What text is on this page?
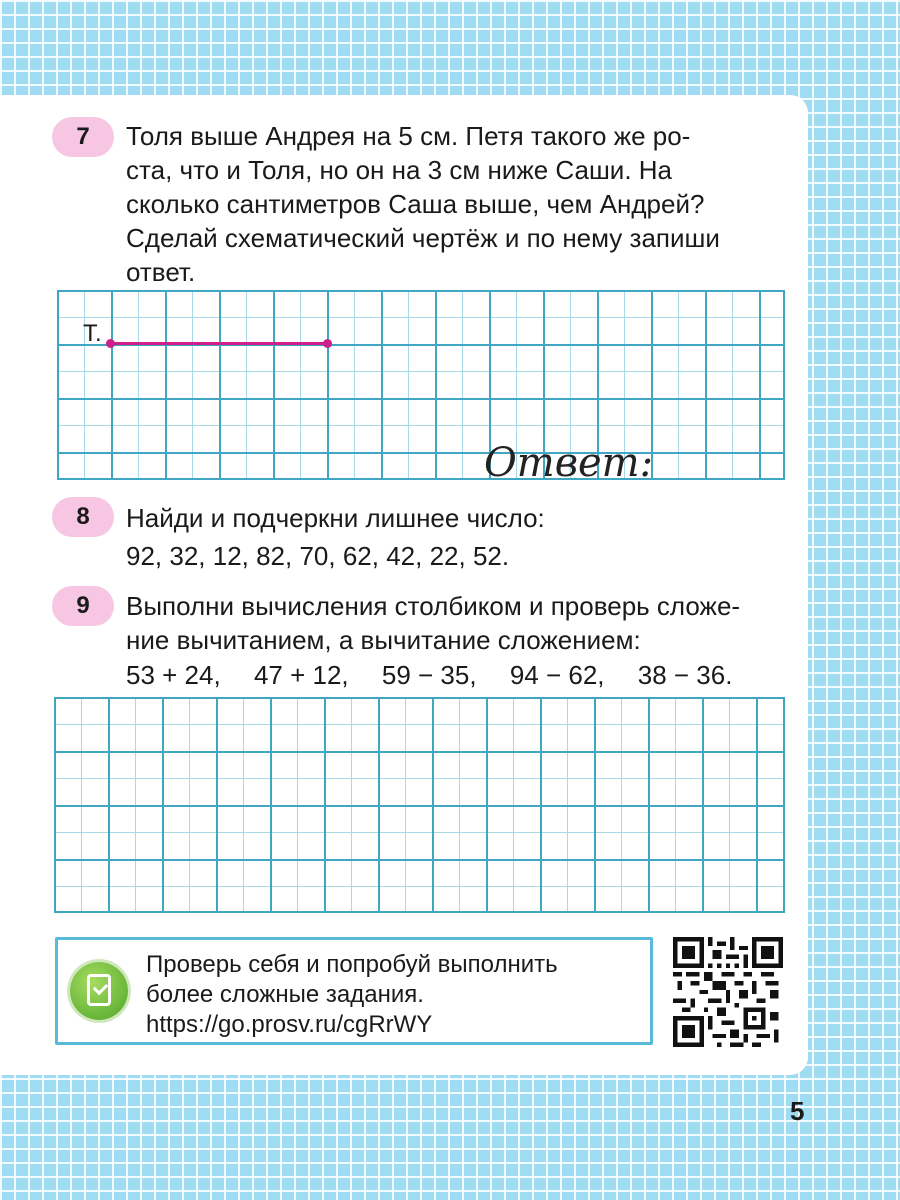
7	Толя выше Андрея на 5 см. Петя такого же ро-
ста, что и Толя, но он на 3 см ниже Саши. На
сколько сантиметров Саша выше, чем Андрей?
Сделай схематический чертёж и по нему запиши
ответ.
Т.
Ответ:
8	Найди и подчеркни лишнее число:
92, 32, 12, 82, 70, 62, 42, 22, 52.
9	Выполни вычисления столбиком и проверь сложе-
ние вычитанием, а вычитание сложением:
53 + 24, 47 + 12, 59 − 35, 94 − 62, 38 − 36.
Проверь себя и попробуй выполнить
более сложные задания.
https://go.prosv.ru/cgRrWY
5
